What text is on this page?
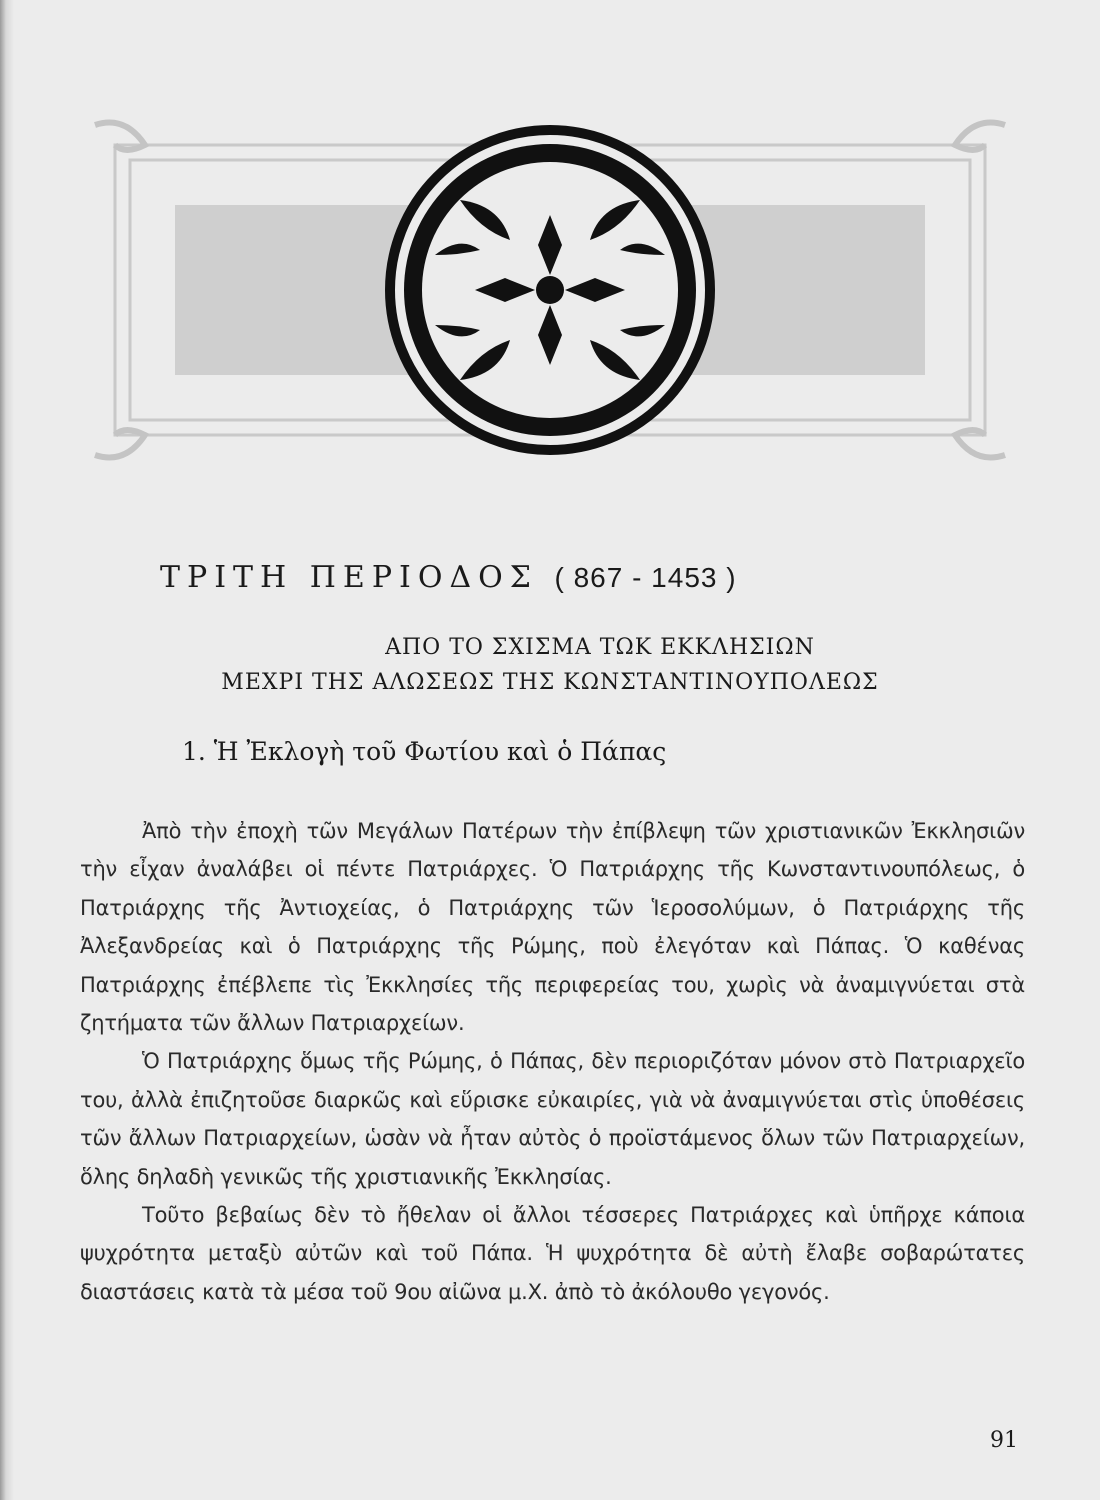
ΤΡΙΤΗ ΠΕΡΙΟΔΟΣ ( 867 - 1453 )
ΑΠΟ ΤΟ ΣΧΙΣΜΑ ΤΩΚ ΕΚΚΛΗΣΙΩΝ
ΜΕΧΡΙ ΤΗΣ ΑΛΩΣΕΩΣ ΤΗΣ ΚΩΝΣΤΑΝΤΙΝΟΥΠΟΛΕΩΣ
1. Ἡ Ἐκλογὴ τοῦ Φωτίου καὶ ὁ Πάπας

Ἀπὸ τὴν ἐποχὴ τῶν Μεγάλων Πατέρων τὴν ἐπίβλεψη τῶν χριστιανικῶν Ἐκκλησιῶν τὴν εἶχαν ἀναλάβει οἱ πέντε Πατριάρχες. Ὁ Πατριάρχης τῆς Κωνσταντινουπόλεως, ὁ Πατριάρχης τῆς Ἀντιοχείας, ὁ Πατριάρχης τῶν Ἱεροσολύμων, ὁ Πατριάρχης τῆς Ἀλεξανδρείας καὶ ὁ Πατριάρχης τῆς Ρώμης, ποὺ ἐλεγόταν καὶ Πάπας. Ὁ καθένας Πατριάρχης ἐπέβλεπε τὶς Ἐκκλησίες τῆς περιφερείας του, χωρὶς νὰ ἀναμιγνύεται στὰ ζητήματα τῶν ἄλλων Πατριαρχείων.

Ὁ Πατριάρχης ὅμως τῆς Ρώμης, ὁ Πάπας, δὲν περιοριζόταν μόνον στὸ Πατριαρχεῖο του, ἀλλὰ ἐπιζητοῦσε διαρκῶς καὶ εὕρισκε εὐκαιρίες, γιὰ νὰ ἀναμιγνύεται στὶς ὑποθέσεις τῶν ἄλλων Πατριαρχείων, ὡσὰν νὰ ἦταν αὐτὸς ὁ προϊστάμενος ὅλων τῶν Πατριαρχείων, ὅλης δηλαδὴ γενικῶς τῆς χριστιανικῆς Ἐκκλησίας.

Τοῦτο βεβαίως δὲν τὸ ἤθελαν οἱ ἄλλοι τέσσερες Πατριάρχες καὶ ὑπῆρχε κάποια ψυχρότητα μεταξὺ αὐτῶν καὶ τοῦ Πάπα. Ἡ ψυχρότητα δὲ αὐτὴ ἔλαβε σοβαρώτατες διαστάσεις κατὰ τὰ μέσα τοῦ 9ου αἰῶνα μ.Χ. ἀπὸ τὸ ἀκόλουθο γεγονός.

91
